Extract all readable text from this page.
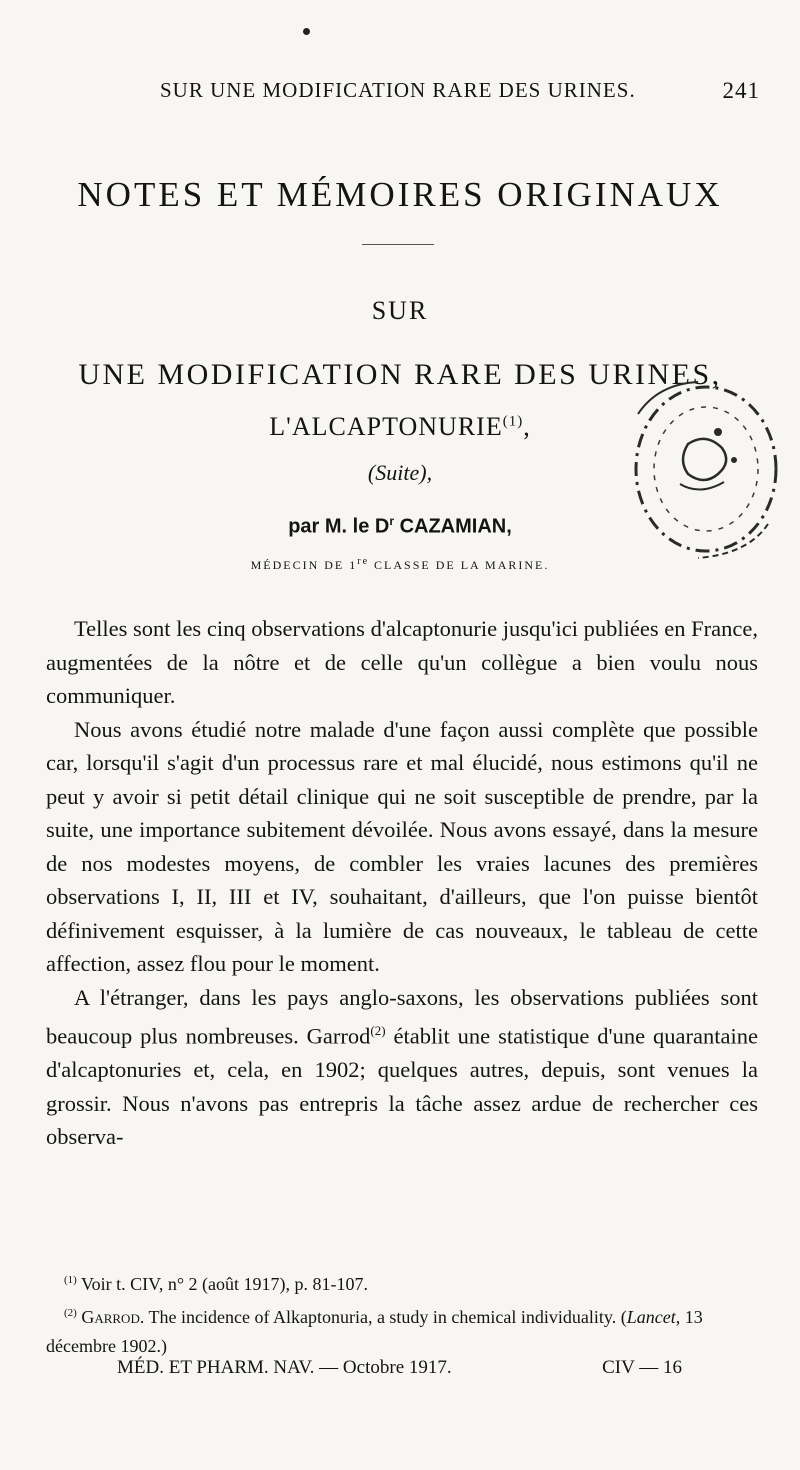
SUR UNE MODIFICATION RARE DES URINES.	241
NOTES ET MÉMOIRES ORIGINAUX
SUR
UNE MODIFICATION RARE DES URINES,
L'ALCAPTONURIE$^{(1)}$,
(Suite),
par M. le $D^r$ CAZAMIAN,
MÉDECIN DE 1re CLASSE DE LA MARINE.

Telles sont les cinq observations d'alcaptonurie jusqu'ici publiées en France, augmentées de la nôtre et de celle qu'un collègue a bien voulu nous communiquer.

Nous avons étudié notre malade d'une façon aussi complète que possible car, lorsqu'il s'agit d'un processus rare et mal élucidé, nous estimons qu'il ne peut y avoir si petit détail clinique qui ne soit susceptible de prendre, par la suite, une importance subitement dévoilée. Nous avons essayé, dans la mesure de nos modestes moyens, de combler les vraies lacunes des premières observations I, II, III et IV, souhaitant, d'ailleurs, que l'on puisse bientôt définivement esquisser, à la lumière de cas nouveaux, le tableau de cette affection, assez flou pour le moment.

A l'étranger, dans les pays anglo-saxons, les observations publiées sont beaucoup plus nombreuses. Garrod$^{(2)}$ établit une statistique d'une quarantaine d'alcaptonuries et, cela, en 1902; quelques autres, depuis, sont venues la grossir. Nous n'avons pas entrepris la tâche assez ardue de rechercher ces observa-

$^{(1)}$ Voir t. CIV, n° 2 (août 1917), p. 81-107.

$^{(2)}$ Garrod. The incidence of Alkaptonuria, a study in chemical individuality. (Lancet, 13 décembre 1902.)

MÉD. ET PHARM. NAV. — Octobre 1917.	CIV — 16
